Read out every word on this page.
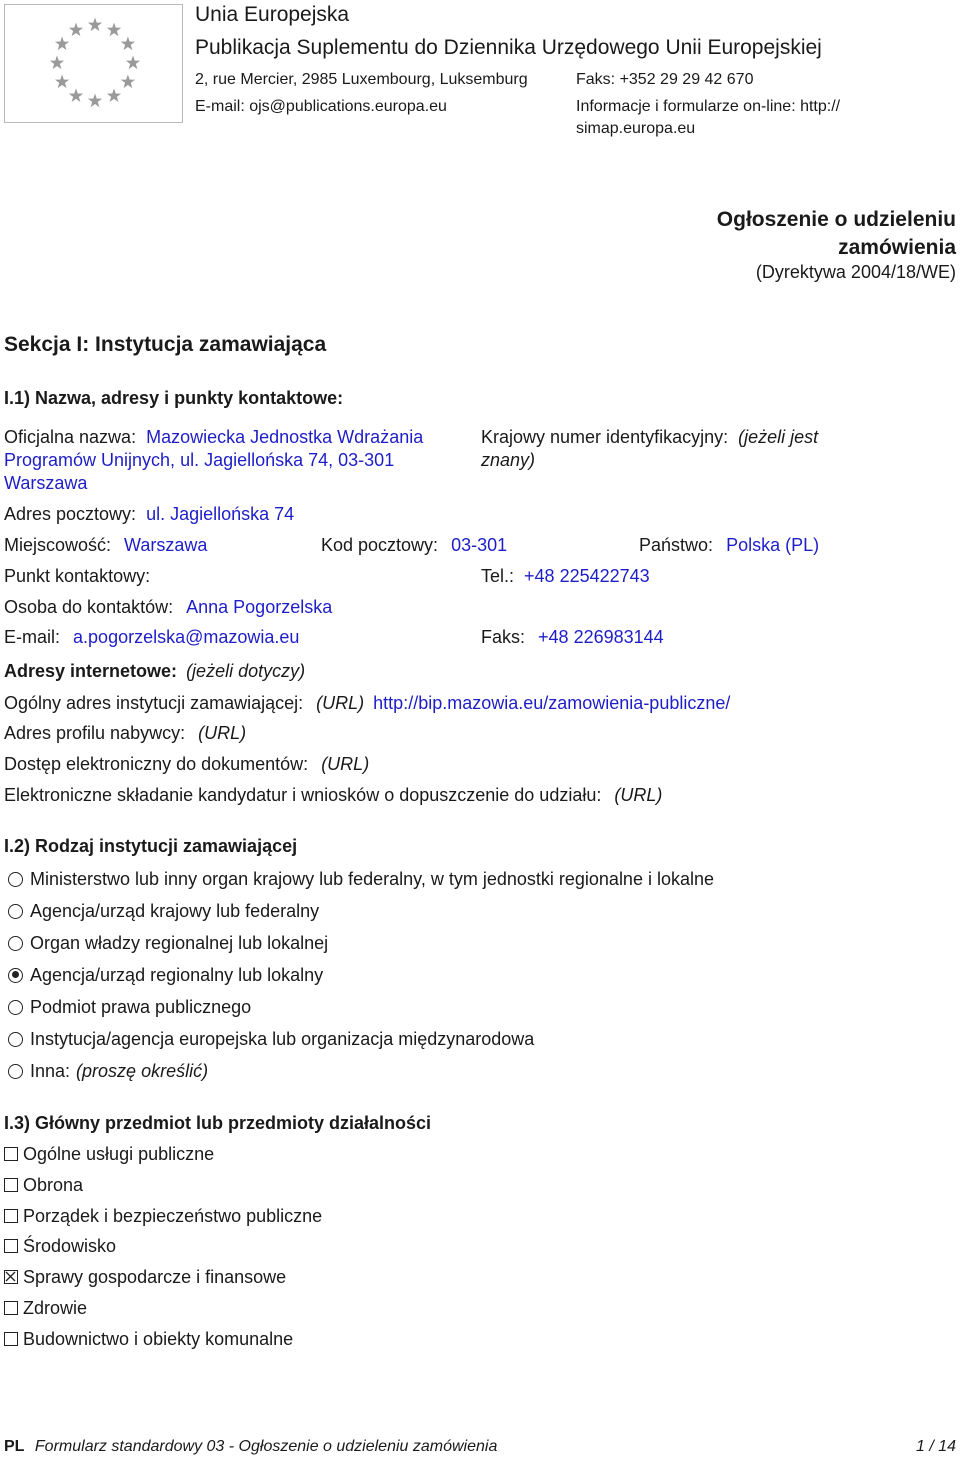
Unia Europejska
Publikacja Suplementu do Dziennika Urzędowego Unii Europejskiej
2, rue Mercier, 2985 Luxembourg, Luksemburg	Faks: +352 29 29 42 670
E-mail: ojs@publications.europa.eu	Informacje i formularze on-line: http://
simap.europa.eu
Ogłoszenie o udzieleniu
zamówienia
(Dyrektywa 2004/18/WE)
Sekcja I: Instytucja zamawiająca
I.1) Nazwa, adresy i punkty kontaktowe:
Oficjalna nazwa: Mazowiecka Jednostka Wdrażania
Programów Unijnych, ul. Jagiellońska 74, 03-301
Warszawa
Krajowy numer identyfikacyjny: (jeżeli jest
znany)
Adres pocztowy: ul. Jagiellońska 74
Miejscowość: Warszawa	Kod pocztowy: 03-301	Państwo: Polska (PL)
Punkt kontaktowy:	Tel.: +48 225422743
Osoba do kontaktów: Anna Pogorzelska
E-mail: a.pogorzelska@mazowia.eu	Faks: +48 226983144
Adresy internetowe: (jeżeli dotyczy)
Ogólny adres instytucji zamawiającej: (URL) http://bip.mazowia.eu/zamowienia-publiczne/
Adres profilu nabywcy: (URL)
Dostęp elektroniczny do dokumentów: (URL)
Elektroniczne składanie kandydatur i wniosków o dopuszczenie do udziału: (URL)
I.2) Rodzaj instytucji zamawiającej
Ministerstwo lub inny organ krajowy lub federalny, w tym jednostki regionalne i lokalne
Agencja/urząd krajowy lub federalny
Organ władzy regionalnej lub lokalnej
Agencja/urząd regionalny lub lokalny
Podmiot prawa publicznego
Instytucja/agencja europejska lub organizacja międzynarodowa
Inna: (proszę określić)
I.3) Główny przedmiot lub przedmioty działalności
Ogólne usługi publiczne
Obrona
Porządek i bezpieczeństwo publiczne
Środowisko
Sprawy gospodarcze i finansowe
Zdrowie
Budownictwo i obiekty komunalne
PL Formularz standardowy 03 - Ogłoszenie o udzieleniu zamówienia	1 / 14
